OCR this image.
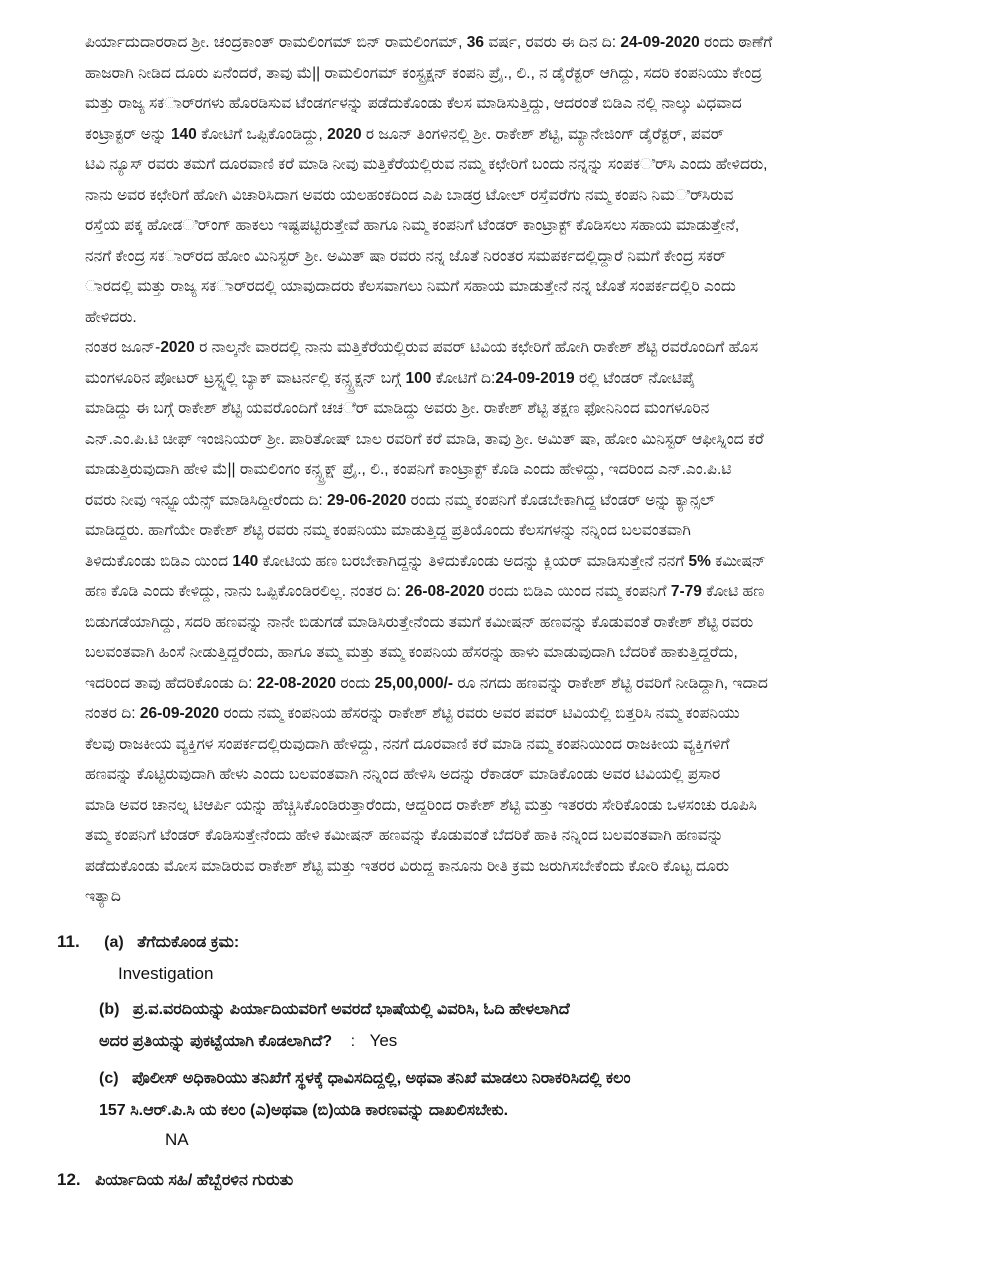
ಪಿರ್ಯಾದುದಾರರಾದ ಶ್ರೀ. ಚಂದ್ರಕಾಂತ್ ರಾಮಲಿಂಗಮ್ ಬಿನ್ ರಾಮಲಿಂಗಮ್, 36 ವರ್ಷ, ರವರು ಈ ದಿನ ದಿ: 24-09-2020 ರಂದು ಠಾಣೆಗೆ
ಹಾಜರಾಗಿ ನೀಡಿದ ದೂರು ಏನೆಂದರೆ, ತಾವು ಮೆ|| ರಾಮಲಿಂಗಮ್ ಕಂಸ್ಟ್ರಕ್ಷನ್ ಕಂಪನಿ ಪ್ರೈ., ಲಿ., ನ ಡೈರೆಕ್ಟರ್ ಆಗಿದ್ದು, ಸದರಿ ಕಂಪನಿಯು ಕೇಂದ್ರ
ಮತ್ತು ರಾಜ್ಯ ಸಕರ್ಾರಗಳು ಹೊರಡಿಸುವ ಟೆಂಡರ್ಗಳನ್ನು ಪಡೆದುಕೊಂಡು ಕೆಲಸ ಮಾಡಿಸುತ್ತಿದ್ದು, ಆದರಂತೆ ಬಿಡಿಎ ನಲ್ಲಿ ನಾಲ್ಕು ವಿಧವಾದ
ಕಂಟ್ರಾಕ್ಟರ್ ಅನ್ನು 140 ಕೋಟಿಗೆ ಒಪ್ಪಿಕೊಂಡಿದ್ದು, 2020 ರ ಜೂನ್ ತಿಂಗಳಿನಲ್ಲಿ ಶ್ರೀ. ರಾಕೇಶ್ ಶೆಟ್ಟಿ, ಮ್ಯಾನೇಜಿಂಗ್ ಡೈರೆಕ್ಟರ್, ಪವರ್
ಟಿವಿ ನ್ಯೂಸ್ ರವರು ತಮಗೆ ದೂರವಾಣಿ ಕರೆ ಮಾಡಿ ನೀವು ಮತ್ತಿಕೆರೆಯಲ್ಲಿರುವ ನಮ್ಮ ಕಛೇರಿಗೆ ಬಂದು ನನ್ನನ್ನು ಸಂಪಕರ್ಿಸಿ ಎಂದು ಹೇಳಿದರು,
ನಾನು ಅವರ ಕಛೇರಿಗೆ ಹೋಗಿ ವಿಚಾರಿಸಿದಾಗ ಅವರು ಯಲಹಂಕದಿಂದ ಎಪಿ ಬಾಡರ್ರ ಟೋಲ್ ರಸ್ತೆವರೆಗು ನಮ್ಮ ಕಂಪನಿ ನಿಮರ್ಿಸಿರುವ
ರಸ್ತೆಯ ಪಕ್ಕ ಹೋಡರ್ಿಂಗ್ ಹಾಕಲು ಇಷ್ಟಪಟ್ಟಿರುತ್ತೇವೆ ಹಾಗೂ ನಿಮ್ಮ ಕಂಪನಿಗೆ ಟೆಂಡರ್ ಕಾಂಟ್ರಾಕ್ಟ್ ಕೊಡಿಸಲು ಸಹಾಯ ಮಾಡುತ್ತೇನೆ,
ನನಗೆ ಕೇಂದ್ರ ಸಕರ್ಾರದ ಹೋಂ ಮಿನಿಸ್ಟರ್ ಶ್ರೀ. ಅಮಿತ್ ಷಾ ರವರು ನನ್ನ ಜೊತೆ ನಿರಂತರ ಸಮಪರ್ಕದಲ್ಲಿದ್ದಾರೆ ನಿಮಗೆ ಕೇಂದ್ರ ಸಕರ್
ಾರದಲ್ಲಿ ಮತ್ತು ರಾಜ್ಯ ಸಕರ್ಾರದಲ್ಲಿ ಯಾವುದಾದರು ಕೆಲಸವಾಗಲು ನಿಮಗೆ ಸಹಾಯ ಮಾಡುತ್ತೇನೆ ನನ್ನ ಜೊತೆ ಸಂಪರ್ಕದಲ್ಲಿರಿ ಎಂದು
ಹೇಳಿದರು.
ನಂತರ ಜೂನ್-2020 ರ ನಾಲ್ಕನೇ ವಾರದಲ್ಲಿ ನಾನು ಮತ್ತಿಕೆರೆಯಲ್ಲಿರುವ ಪವರ್ ಟಿವಿಯ ಕಛೇರಿಗೆ ಹೋಗಿ ರಾಕೇಶ್ ಶೆಟ್ಟಿ ರವರೊಂದಿಗೆ ಹೊಸ
ಮಂಗಳೂರಿನ ಪೋಟರ್ ಟ್ರಸ್ಟ್ನಲ್ಲಿ ಬ್ಯಾಕ್ ವಾಟರ್ನಲ್ಲಿ ಕನ್ಸ್ಟ್ರಕ್ಷನ್ ಬಗ್ಗೆ 100 ಕೋಟಿಗೆ ದಿ:24-09-2019 ರಲ್ಲಿ ಟೆಂಡರ್ ನೋಟಿಪೈ
ಮಾಡಿದ್ದು ಈ ಬಗ್ಗೆ ರಾಕೇಶ್ ಶೆಟ್ಟಿ ಯವರೊಂದಿಗೆ ಚಚರ್ೆ ಮಾಡಿದ್ದು ಅವರು ಶ್ರೀ. ರಾಕೇಶ್ ಶೆಟ್ಟಿ ತಕ್ಷಣ ಫೋನಿನಿಂದ ಮಂಗಳೂರಿನ
ಎನ್.ಎಂ.ಪಿ.ಟಿ ಚೀಫ್ ಇಂಜಿನಿಯರ್ ಶ್ರೀ. ಪಾರಿತೋಷ್ ಬಾಲ ರವರಿಗೆ ಕರೆ ಮಾಡಿ, ತಾವು ಶ್ರೀ. ಅಮಿತ್ ಷಾ, ಹೋಂ ಮಿನಿಸ್ಟರ್ ಆಫೀಸ್ನಿಂದ ಕರೆ
ಮಾಡುತ್ತಿರುವುದಾಗಿ ಹೇಳಿ ಮೆ|| ರಾಮಲಿಂಗಂ ಕನ್ಸ್ಟ್ರಕ್ಷ್ ಪ್ರೈ., ಲಿ., ಕಂಪನಿಗೆ ಕಾಂಟ್ರಾಕ್ಟ್ ಕೊಡಿ ಎಂದು ಹೇಳಿದ್ದು, ಇದರಿಂದ ಎನ್.ಎಂ.ಪಿ.ಟಿ
ರವರು ನೀವು ಇನ್ಫ್ಲೂಯೆನ್ಸ್ ಮಾಡಿಸಿದ್ದೀರೆಂದು ದಿ: 29-06-2020 ರಂದು ನಮ್ಮ ಕಂಪನಿಗೆ ಕೊಡಬೇಕಾಗಿದ್ದ ಟೆಂಡರ್ ಅನ್ನು ಕ್ಯಾನ್ಸಲ್
ಮಾಡಿದ್ದರು. ಹಾಗೆಯೇ ರಾಕೇಶ್ ಶೆಟ್ಟಿ ರವರು ನಮ್ಮ ಕಂಪನಿಯು ಮಾಡುತ್ತಿದ್ದ ಪ್ರತಿಯೊಂದು ಕೆಲಸಗಳನ್ನು ನನ್ನಿಂದ ಬಲವಂತವಾಗಿ
ತಿಳಿದುಕೊಂಡು ಬಿಡಿಎ ಯಿಂದ 140 ಕೋಟಿಯ ಹಣ ಬರಬೇಕಾಗಿದ್ದನ್ನು ತಿಳಿದುಕೊಂಡು ಅದನ್ನು ಕ್ಲಿಯರ್ ಮಾಡಿಸುತ್ತೇನೆ ನನಗೆ 5% ಕಮೀಷನ್
ಹಣ ಕೊಡಿ ಎಂದು ಕೇಳಿದ್ದು, ನಾನು ಒಪ್ಪಿಕೊಂಡಿರಲಿಲ್ಲ. ನಂತರ ದಿ: 26-08-2020 ರಂದು ಬಿಡಿಎ ಯಿಂದ ನಮ್ಮ ಕಂಪನಿಗೆ 7-79 ಕೋಟಿ ಹಣ
ಬಿಡುಗಡೆಯಾಗಿದ್ದು, ಸದರಿ ಹಣವನ್ನು ನಾನೇ ಬಿಡುಗಡೆ ಮಾಡಿಸಿರುತ್ತೇನೆಂದು ತಮಗೆ ಕಮೀಷನ್ ಹಣವನ್ನು ಕೊಡುವಂತೆ ರಾಕೇಶ್ ಶೆಟ್ಟಿ ರವರು
ಬಲವಂತವಾಗಿ ಹಿಂಸೆ ನೀಡುತ್ತಿದ್ದರೆಂದು, ಹಾಗೂ ತಮ್ಮ ಮತ್ತು ತಮ್ಮ ಕಂಪನಿಯ ಹೆಸರನ್ನು ಹಾಳು ಮಾಡುವುದಾಗಿ ಬೆದರಿಕೆ ಹಾಕುತ್ತಿದ್ದರೆದು,
ಇದರಿಂದ ತಾವು ಹೆದರಿಕೊಂಡು ದಿ: 22-08-2020 ರಂದು 25,00,000/- ರೂ ನಗದು ಹಣವನ್ನು ರಾಕೇಶ್ ಶೆಟ್ಟಿ ರವರಿಗೆ ನೀಡಿದ್ದಾಗಿ, ಇದಾದ
ನಂತರ ದಿ: 26-09-2020 ರಂದು ನಮ್ಮ ಕಂಪನಿಯ ಹೆಸರನ್ನು ರಾಕೇಶ್ ಶೆಟ್ಟಿ ರವರು ಅವರ ಪವರ್ ಟಿವಿಯಲ್ಲಿ ಬಿತ್ತರಿಸಿ ನಮ್ಮ ಕಂಪನಿಯು
ಕೆಲವು ರಾಜಕೀಯ ವ್ಯಕ್ತಿಗಳ ಸಂಪರ್ಕದಲ್ಲಿರುವುದಾಗಿ ಹೇಳಿದ್ದು, ನನಗೆ ದೂರವಾಣಿ ಕರೆ ಮಾಡಿ ನಮ್ಮ ಕಂಪನಿಯಿಂದ ರಾಜಕೀಯ ವ್ಯಕ್ತಿಗಳಿಗೆ
ಹಣವನ್ನು ಕೊಟ್ಟಿರುವುದಾಗಿ ಹೇಳು ಎಂದು ಬಲವಂತವಾಗಿ ನನ್ನಿಂದ ಹೇಳಿಸಿ ಅದನ್ನು ರೆಕಾಡರ್ ಮಾಡಿಕೊಂಡು ಅವರ ಟಿವಿಯಲ್ಲಿ ಪ್ರಸಾರ
ಮಾಡಿ ಅವರ ಚಾನಲ್ನ ಟಿಆರ್ಪಿ ಯನ್ನು ಹೆಚ್ಚಿಸಿಕೊಂಡಿರುತ್ತಾರೆಂದು, ಆದ್ದರಿಂದ ರಾಕೇಶ್ ಶೆಟ್ಟಿ ಮತ್ತು ಇತರರು ಸೇರಿಕೊಂಡು ಒಳಸಂಚು ರೂಪಿಸಿ
ತಮ್ಮ ಕಂಪನಿಗೆ ಟೆಂಡರ್ ಕೊಡಿಸುತ್ತೇನೆಂದು ಹೇಳಿ ಕಮೀಷನ್ ಹಣವನ್ನು ಕೊಡುವಂತೆ ಬೆದರಿಕೆ ಹಾಕಿ ನನ್ನಿಂದ ಬಲವಂತವಾಗಿ ಹಣವನ್ನು
ಪಡೆದುಕೊಂಡು ಮೋಸ ಮಾಡಿರುವ ರಾಕೇಶ್ ಶೆಟ್ಟಿ ಮತ್ತು ಇತರರ ವಿರುದ್ದ ಕಾನೂನು ರೀತಿ ಕ್ರಮ ಜರುಗಿಸಬೇಕೆಂದು ಕೋರಿ ಕೊಟ್ಟ ದೂರು
ಇತ್ಯಾದಿ
11. (a) ತೆಗೆದುಕೊಂಡ ಕ್ರಮ:
Investigation
(b) ಪ್ರ.ವ.ವರದಿಯನ್ನು ಪಿರ್ಯಾದಿಯವರಿಗೆ ಅವರದೆ ಭಾಷೆಯಲ್ಲಿ ವಿವರಿಸಿ, ಓದಿ ಹೇಳಲಾಗಿದೆ
ಅದರ ಪ್ರತಿಯನ್ನು ಪುಕಟ್ಟೆಯಾಗಿ ಕೊಡಲಾಗಿದೆ? : Yes
(c) ಪೊಲೀಸ್ ಅಧಿಕಾರಿಯು ತನಿಖೆಗೆ ಸ್ಥಳಕ್ಕೆ ಧಾವಿಸದಿದ್ದಲ್ಲಿ, ಅಥವಾ ತನಿಖೆ ಮಾಡಲು ನಿರಾಕರಿಸಿದಲ್ಲಿ ಕಲಂ
157 ಸಿ.ಆರ್.ಪಿ.ಸಿ ಯ ಕಲಂ (ಎ)ಅಥವಾ (ಬಿ)ಯಡಿ ಕಾರಣವನ್ನು ದಾಖಲಿಸಬೇಕು.
NA
12. ಪಿರ್ಯಾದಿಯ ಸಹಿ/ ಹೆಬ್ಬೆರಳಿನ ಗುರುತು
